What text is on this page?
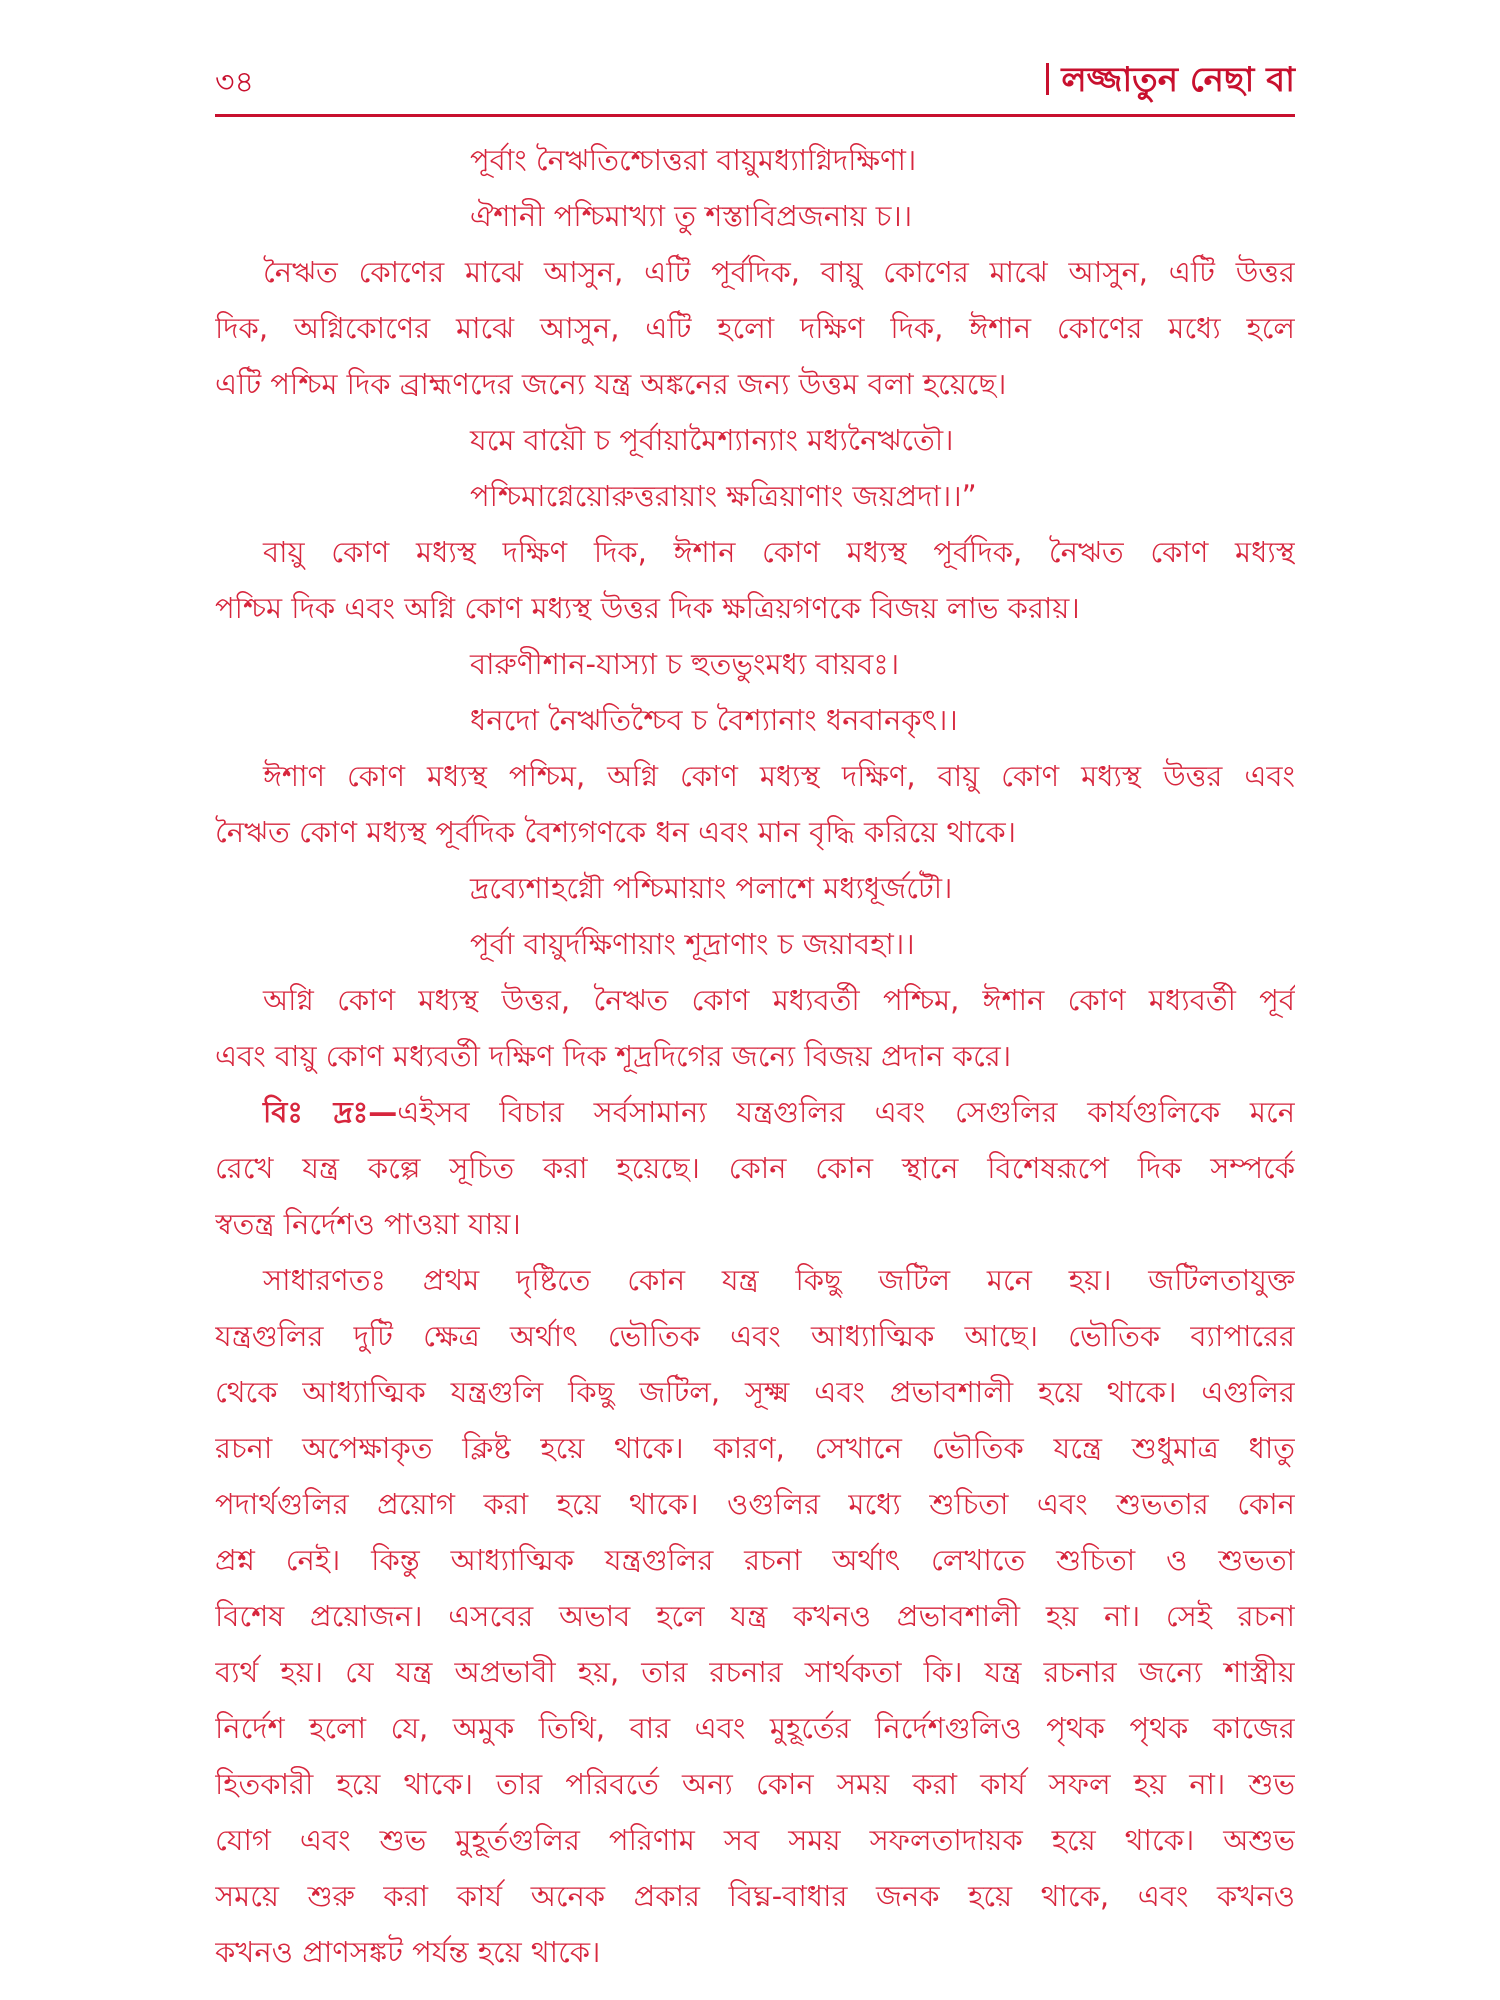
৩৪	লজ্জাতুন নেছা বা
পূর্বাং নৈঋতিশ্চোত্তরা বায়ুমধ্যাগ্নিদক্ষিণা।
ঐশানী পশ্চিমাখ্যা তু শস্তাবিপ্রজনায় চ।।
নৈঋত কোণের মাঝে আসুন, এটি পূর্বদিক, বায়ু কোণের মাঝে আসুন, এটি উত্তর
দিক, অগ্নিকোণের মাঝে আসুন, এটি হলো দক্ষিণ দিক, ঈশান কোণের মধ্যে হলে
এটি পশ্চিম দিক ব্রাহ্মণদের জন্যে যন্ত্র অঙ্কনের জন্য উত্তম বলা হয়েছে।
যমে বায়ৌ চ পূর্বায়ামৈশ্যান্যাং মধ্যনৈঋতৌ।
পশ্চিমাগ্নেয়োরুত্তরায়াং ক্ষত্রিয়াণাং জয়প্রদা।।”
বায়ু কোণ মধ্যস্থ দক্ষিণ দিক, ঈশান কোণ মধ্যস্থ পূর্বদিক, নৈঋত কোণ মধ্যস্থ
পশ্চিম দিক এবং অগ্নি কোণ মধ্যস্থ উত্তর দিক ক্ষত্রিয়গণকে বিজয় লাভ করায়।
বারুণীশান-যাস্যা চ হুতভুংমধ্য বায়বঃ।
ধনদো নৈঋতিশ্চৈব চ বৈশ্যানাং ধনবানকৃৎ।।
ঈশাণ কোণ মধ্যস্থ পশ্চিম, অগ্নি কোণ মধ্যস্থ দক্ষিণ, বায়ু কোণ মধ্যস্থ উত্তর এবং
নৈঋত কোণ মধ্যস্থ পূর্বদিক বৈশ্যগণকে ধন এবং মান বৃদ্ধি করিয়ে থাকে।
দ্রব্যেশাহগ্নৌ পশ্চিমায়াং পলাশে মধ্যধূর্জটৌ।
পূর্বা বায়ুর্দক্ষিণায়াং শূদ্রাণাং চ জয়াবহা।।
অগ্নি কোণ মধ্যস্থ উত্তর, নৈঋত কোণ মধ্যবর্তী পশ্চিম, ঈশান কোণ মধ্যবর্তী পূর্ব
এবং বায়ু কোণ মধ্যবর্তী দক্ষিণ দিক শূদ্রদিগের জন্যে বিজয় প্রদান করে।
বিঃ দ্রঃ—এইসব বিচার সর্বসামান্য যন্ত্রগুলির এবং সেগুলির কার্যগুলিকে মনে
রেখে যন্ত্র কল্পে সূচিত করা হয়েছে। কোন কোন স্থানে বিশেষরূপে দিক সম্পর্কে
স্বতন্ত্র নির্দেশও পাওয়া যায়।
সাধারণতঃ প্রথম দৃষ্টিতে কোন যন্ত্র কিছু জটিল মনে হয়। জটিলতাযুক্ত
যন্ত্রগুলির দুটি ক্ষেত্র অর্থাৎ ভৌতিক এবং আধ্যাত্মিক আছে। ভৌতিক ব্যাপারের
থেকে আধ্যাত্মিক যন্ত্রগুলি কিছু জটিল, সূক্ষ্ম এবং প্রভাবশালী হয়ে থাকে। এগুলির
রচনা অপেক্ষাকৃত ক্লিষ্ট হয়ে থাকে। কারণ, সেখানে ভৌতিক যন্ত্রে শুধুমাত্র ধাতু
পদার্থগুলির প্রয়োগ করা হয়ে থাকে। ওগুলির মধ্যে শুচিতা এবং শুভতার কোন
প্রশ্ন নেই। কিন্তু আধ্যাত্মিক যন্ত্রগুলির রচনা অর্থাৎ লেখাতে শুচিতা ও শুভতা
বিশেষ প্রয়োজন। এসবের অভাব হলে যন্ত্র কখনও প্রভাবশালী হয় না। সেই রচনা
ব্যর্থ হয়। যে যন্ত্র অপ্রভাবী হয়, তার রচনার সার্থকতা কি। যন্ত্র রচনার জন্যে শাস্ত্রীয়
নির্দেশ হলো যে, অমুক তিথি, বার এবং মুহূর্তের নির্দেশগুলিও পৃথক পৃথক কাজের
হিতকারী হয়ে থাকে। তার পরিবর্তে অন্য কোন সময় করা কার্য সফল হয় না। শুভ
যোগ এবং শুভ মুহূর্তগুলির পরিণাম সব সময় সফলতাদায়ক হয়ে থাকে। অশুভ
সময়ে শুরু করা কার্য অনেক প্রকার বিঘ্ন-বাধার জনক হয়ে থাকে, এবং কখনও
কখনও প্রাণসঙ্কট পর্যন্ত হয়ে থাকে।
